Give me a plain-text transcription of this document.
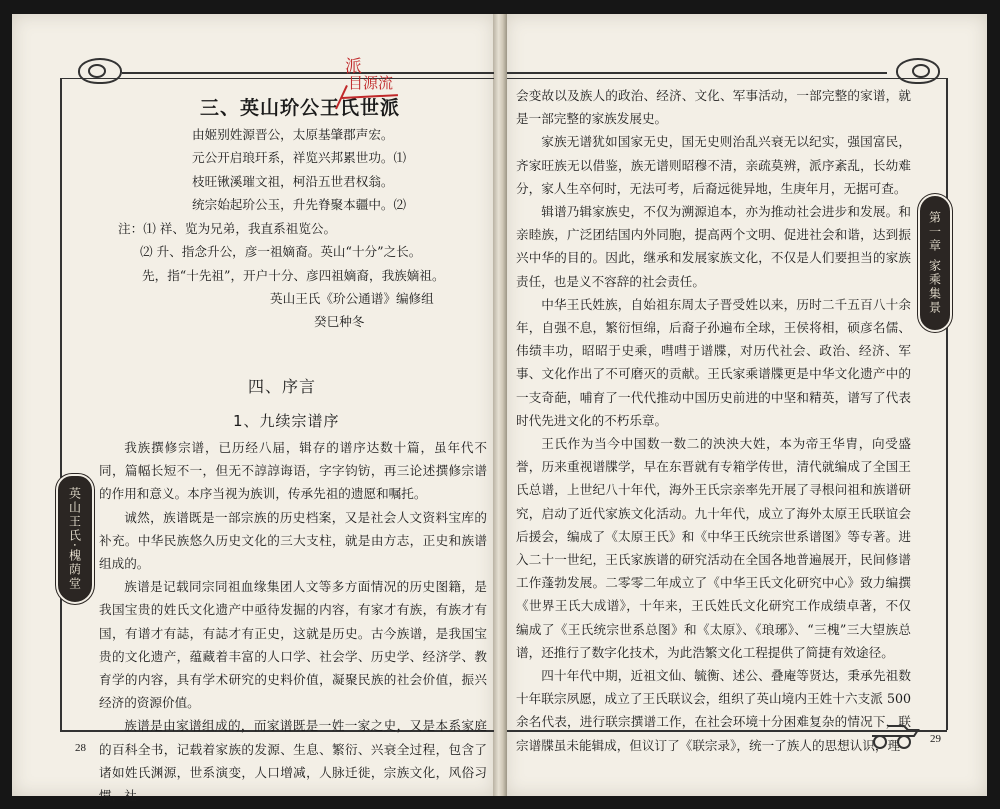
三、英山玠公王氏世派
派
目源流
由姬别姓源晋公，太原基肇郡声宏。
元公开启琅玕系，祥览兴邦累世功。⑴
枝旺锹溪璀文祖，柯沿五世君权翁。
统宗始起玠公玉，升先脊聚本疆中。⑵
注：⑴ 祥、览为兄弟，我直系祖览公。
⑵ 升、指念升公，彦一祖嫡裔。英山“十分”之长。
先，指“十先祖”，开户十分、彦四祖嫡裔，我族嫡祖。
英山王氏《玠公通谱》编修组
癸巳种冬
四、序言
1、九续宗谱序

我族撰修宗谱，已历经八届，辑存的谱序达数十篇，虽年代不同，篇幅长短不一，但无不諄諄诲语，字字钧钫，再三论述撰修宗谱的作用和意义。本序当视为族训，传承先祖的遗愿和嘱托。

诚然，族谱既是一部宗族的历史档案，又是社会人文资料宝库的补充。中华民族悠久历史文化的三大支柱，就是由方志，正史和族谱组成的。

族谱是记载同宗同祖血缘集团人文等多方面情况的历史图籍，是我国宝贵的姓氏文化遗产中亟待发掘的内容，有家才有族，有族才有国，有谱才有誌，有誌才有正史，这就是历史。古今族谱，是我国宝贵的文化遗产，蕴藏着丰富的人口学、社会学、历史学、经济学、教育学的内容，具有学术研究的史料价值，凝聚民族的社会价值，振兴经济的资源价值。

族谱是由家谱组成的，而家谱既是一姓一家之史，又是本系家庭的百科全书，记载着家族的发源、生息、繁衍、兴衰全过程，包含了诸如姓氏渊源，世系演变，人口增减，人脉迁徙，宗族文化，风俗习惯，社

英山王氏·槐荫堂
28

会变故以及族人的政治、经济、文化、军事活动，一部完整的家谱，就是一部完整的家族发展史。

家族无谱犹如国家无史，国无史则治乱兴衰无以纪实，强国富民，齐家旺族无以借鉴，族无谱则昭穆不清，亲疏莫辨，派序紊乱，长幼难分，家人生卒何时，无法可考，后裔远徙异地，生庚年月，无据可查。

辑谱乃辑家族史，不仅为溯源追本，亦为推动社会进步和发展。和亲睦族，广泛团结国内外同胞，提高两个文明、促进社会和谐，达到振兴中华的目的。因此，继承和发展家族文化，不仅是人们要担当的家族责任，也是义不容辞的社会责任。

中华王氏姓族，自始祖东周太子晋受姓以来，历时二千五百八十余年，自强不息，繁衍恒绵，后裔子孙遍布全球，王侯将相，硕彦名儒、伟绩丰功，昭昭于史乘，嘒嘒于谱牒，对历代社会、政治、经济、军事、文化作出了不可磨灭的贡献。王氏家乘谱牒更是中华文化遗产中的一支奇葩，哺育了一代代推动中国历史前进的中坚和精英，谱写了代表时代先进文化的不朽乐章。

王氏作为当今中国数一数二的泱泱大姓，本为帝王华胄，向受盛誉，历来重视谱牒学，早在东晋就有专箱学传世，清代就编成了全国王氏总谱，上世纪八十年代，海外王氏宗亲率先开展了寻根问祖和族谱研究，启动了近代家族文化活动。九十年代，成立了海外太原王氏联谊会后援会，编成了《太原王氏》和《中华王氏统宗世系谱图》等专著。进入二十一世纪，王氏家族谱的研究活动在全国各地普遍展开，民间修谱工作蓬勃发展。二零零二年成立了《中华王氏文化研究中心》致力编撰《世界王氏大成谱》，十年来，王氏姓氏文化研究工作成绩卓著，不仅编成了《王氏统宗世系总图》和《太原》、《琅琊》、“三槐”三大望族总谱，还推行了数字化技术，为此浩繁文化工程提供了简捷有效途径。

四十年代中期，近祖文仙、毓衡、述公、叠庵等贤达，秉承先祖数十年联宗夙愿，成立了王氏联议会，组织了英山境内王姓十六支派 500余名代表，进行联宗撰谱工作，在社会环境十分困难复杂的情况下，联宗谱牒虽未能辑成，但议订了《联宗录》，统一了族人的思想认识，理

第一章 家乘集景
29
